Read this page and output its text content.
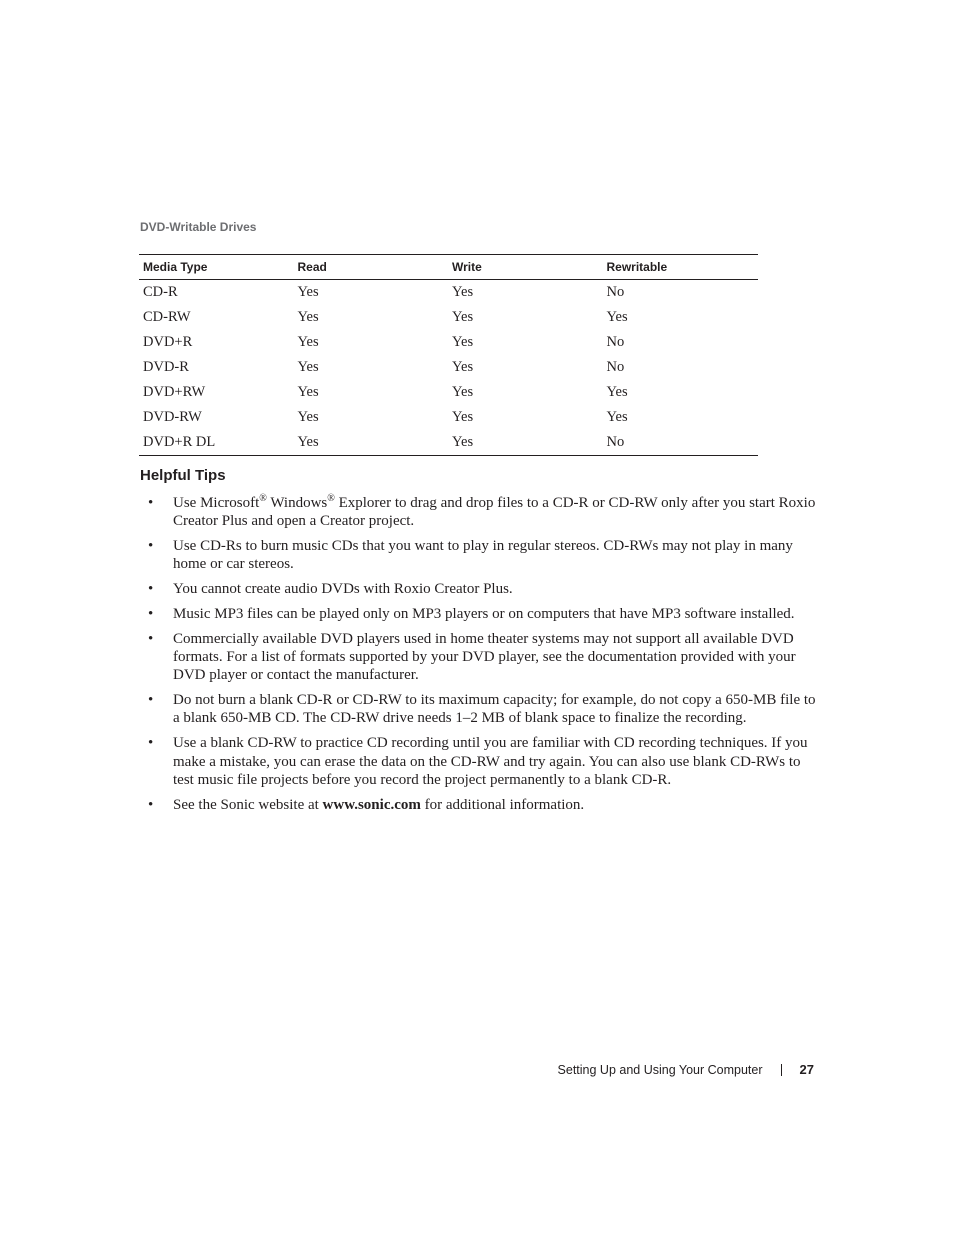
DVD-Writable Drives
Media Type	Read	Write	Rewritable
CD-R	Yes	Yes	No
CD-RW	Yes	Yes	Yes
DVD+R	Yes	Yes	No
DVD-R	Yes	Yes	No
DVD+RW	Yes	Yes	Yes
DVD-RW	Yes	Yes	Yes
DVD+R DL	Yes	Yes	No
Helpful Tips
• Use Microsoft® Windows® Explorer to drag and drop files to a CD-R or CD-RW only after you start Roxio Creator Plus and open a Creator project.
• Use CD-Rs to burn music CDs that you want to play in regular stereos. CD-RWs may not play in many home or car stereos.
• You cannot create audio DVDs with Roxio Creator Plus.
• Music MP3 files can be played only on MP3 players or on computers that have MP3 software installed.
• Commercially available DVD players used in home theater systems may not support all available DVD formats. For a list of formats supported by your DVD player, see the documentation provided with your DVD player or contact the manufacturer.
• Do not burn a blank CD-R or CD-RW to its maximum capacity; for example, do not copy a 650-MB file to a blank 650-MB CD. The CD-RW drive needs 1–2 MB of blank space to finalize the recording.
• Use a blank CD-RW to practice CD recording until you are familiar with CD recording techniques. If you make a mistake, you can erase the data on the CD-RW and try again. You can also use blank CD-RWs to test music file projects before you record the project permanently to a blank CD-R.
• See the Sonic website at www.sonic.com for additional information.
Setting Up and Using Your Computer	27
